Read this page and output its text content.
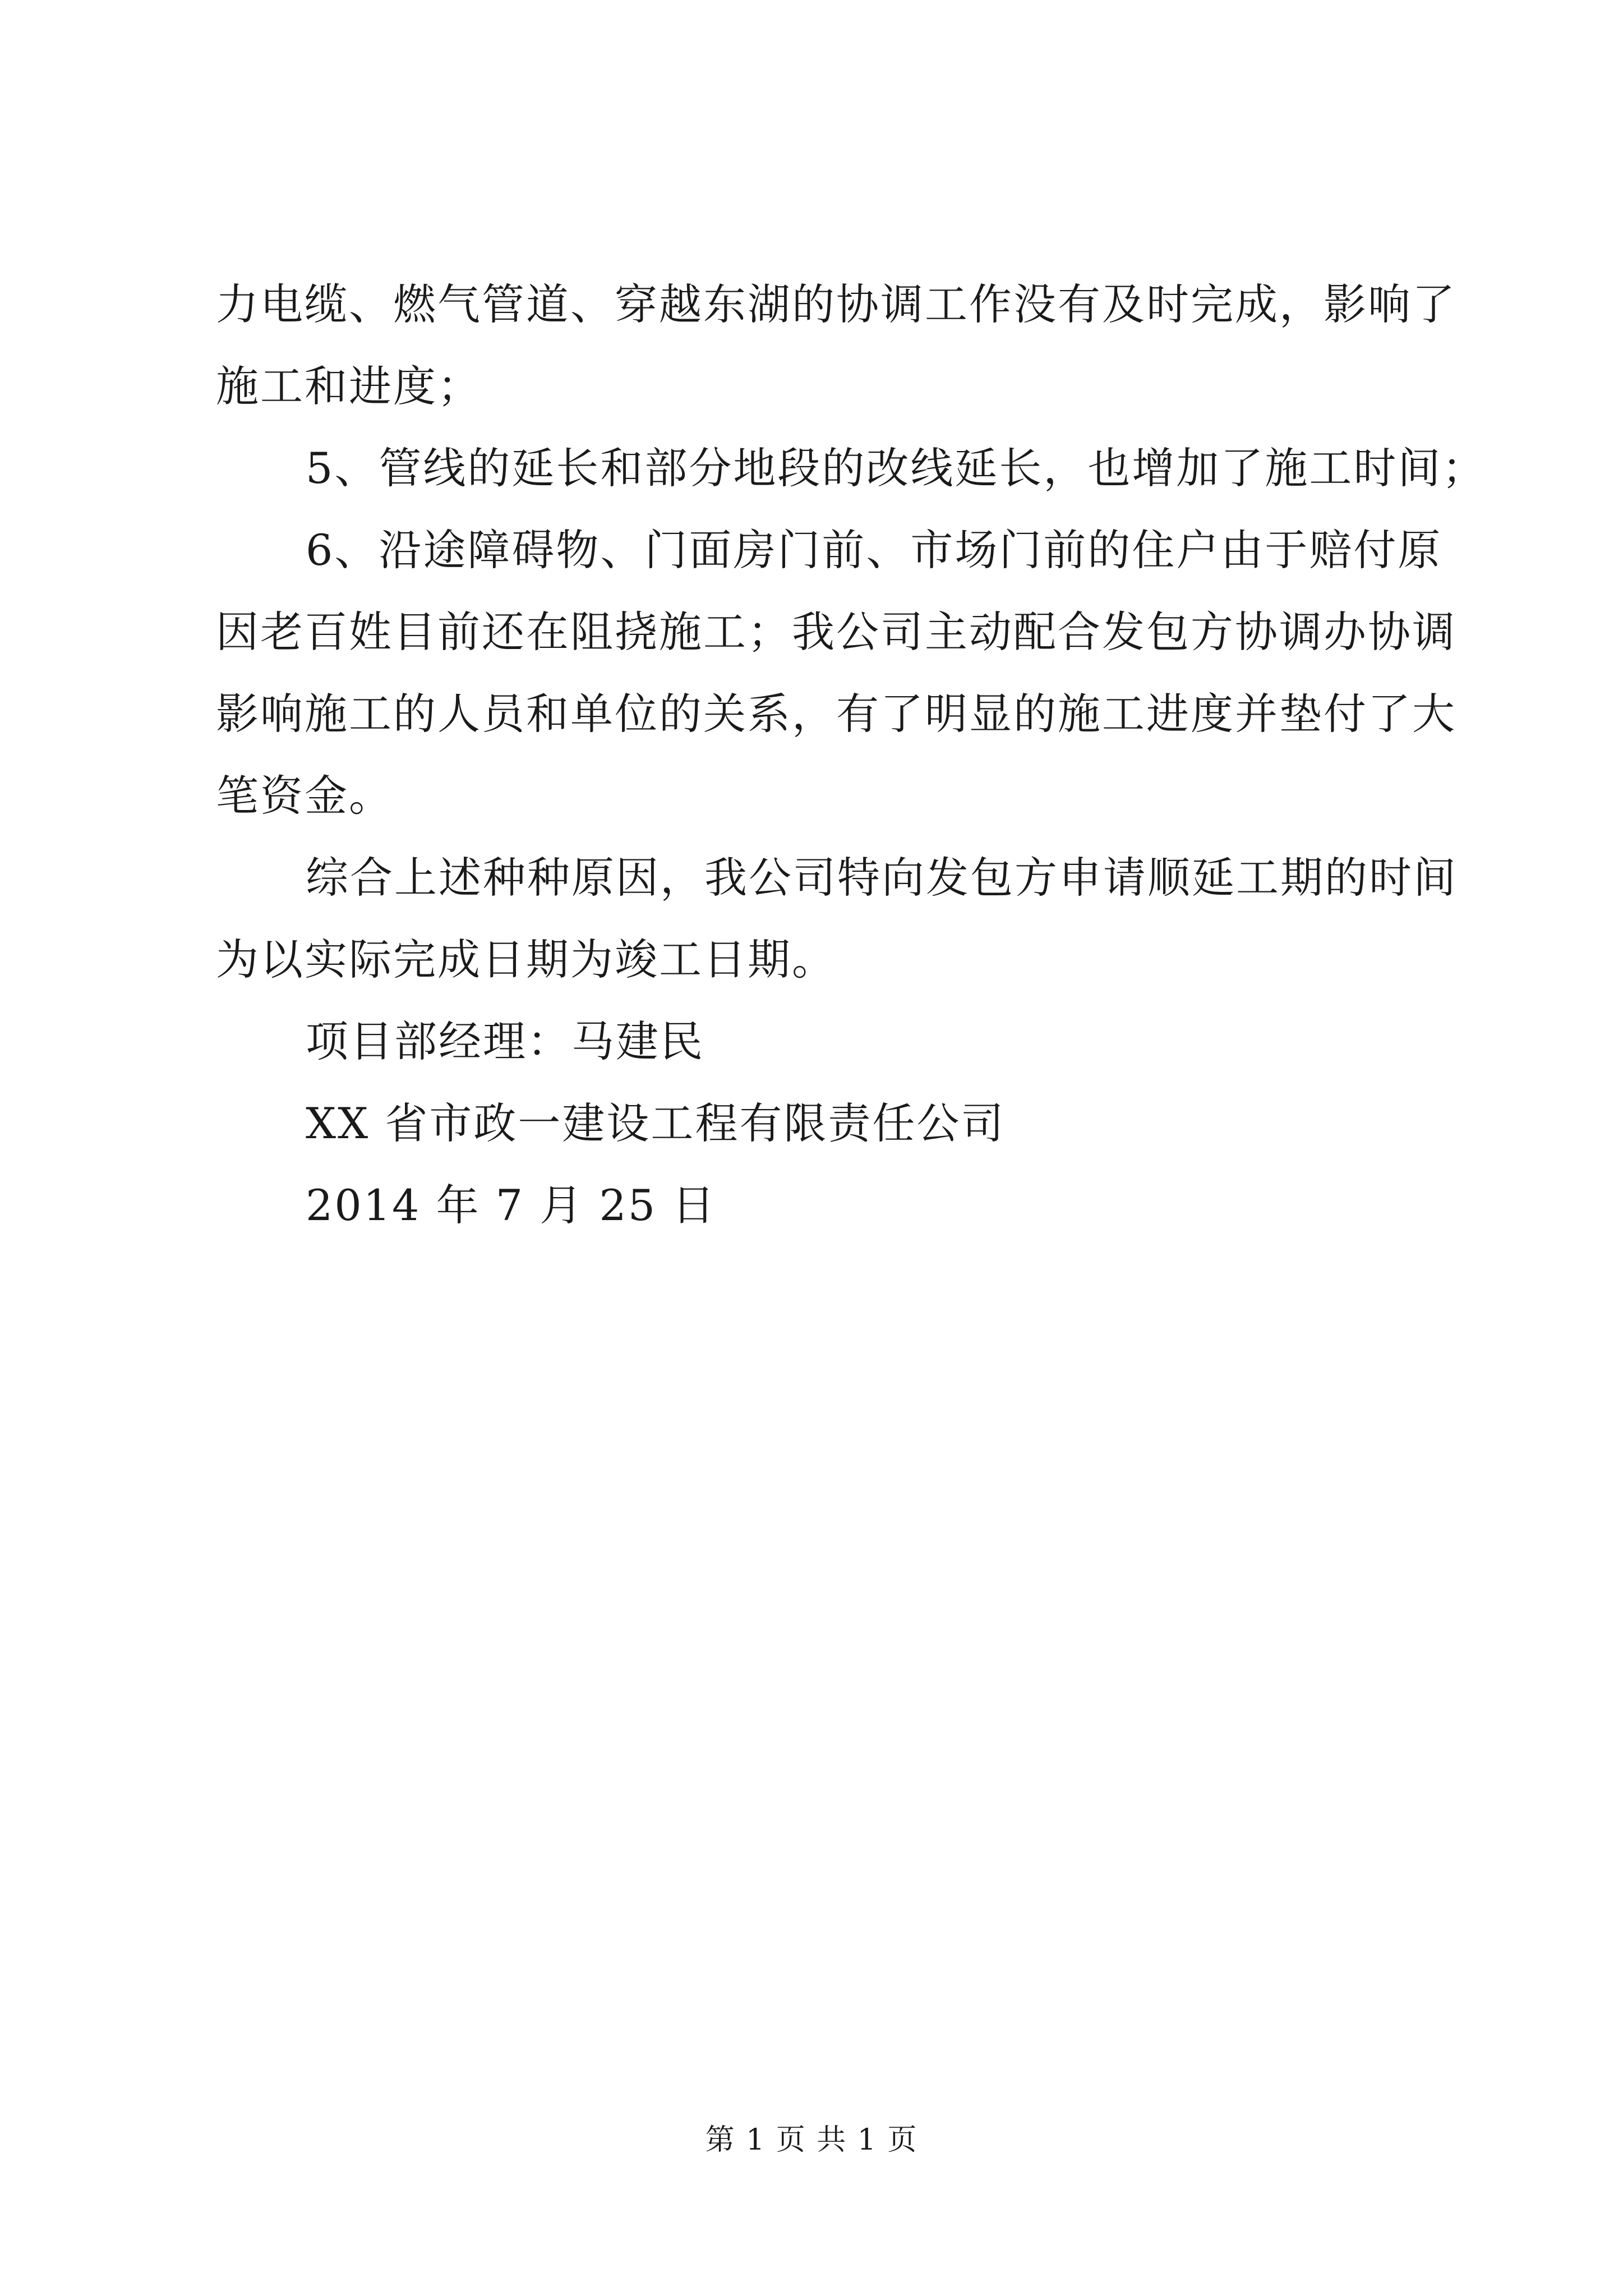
力电缆、燃气管道、穿越东湖的协调工作没有及时完成，影响了
施工和进度；
5、管线的延长和部分地段的改线延长，也增加了施工时间；
6、沿途障碍物、门面房门前、市场门前的住户由于赔付原
因老百姓目前还在阻挠施工；我公司主动配合发包方协调办协调
影响施工的人员和单位的关系，有了明显的施工进度并垫付了大
笔资金。
综合上述种种原因，我公司特向发包方申请顺延工期的时间
为以实际完成日期为竣工日期。
项目部经理：马建民
XX 省市政一建设工程有限责任公司
2014 年 7 月 25 日
第 1 页 共 1 页
